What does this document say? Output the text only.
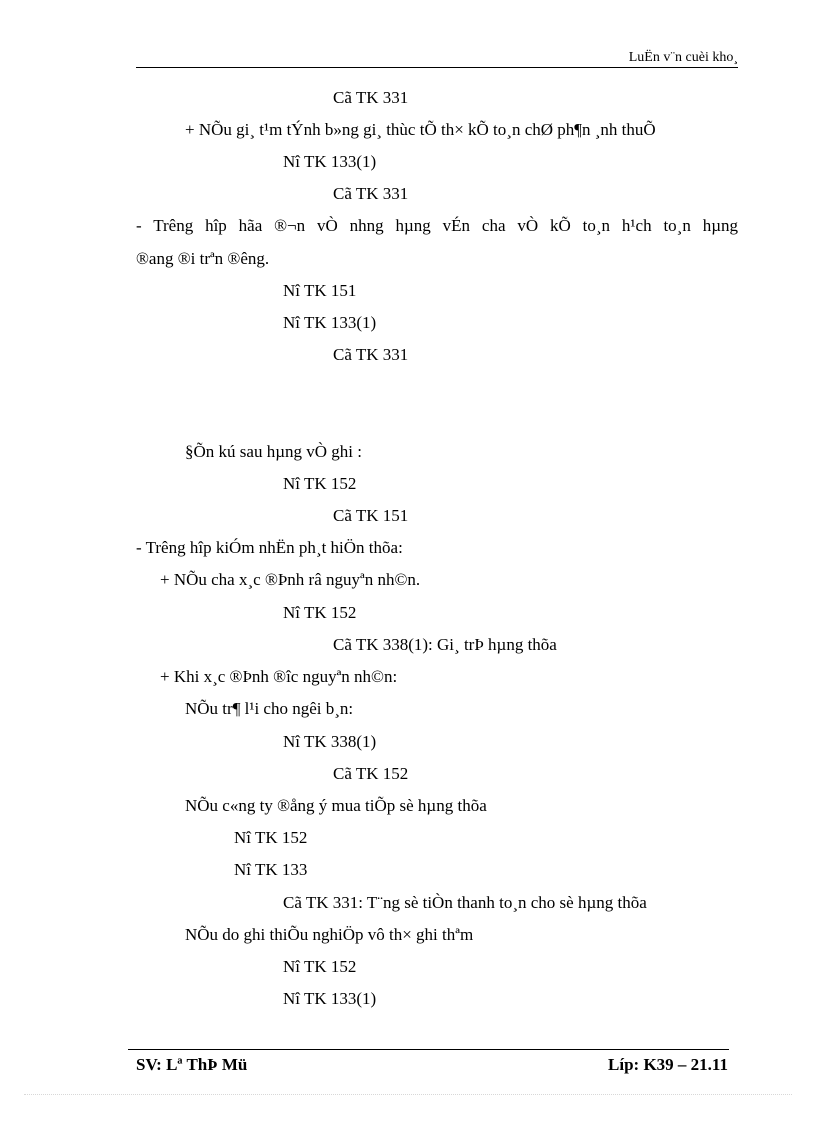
LuËn v¨n cuèi kho¸
Cã TK 331
+ NÕu gi¸ t¹m tÝnh b»ng gi¸ thùc tÕ th× kÕ to¸n chØ ph¶n ¸nh thuÕ
Nî TK 133(1)
Cã TK 331
- Trêng hîp hãa ®¬n vÒ nhng hµng vÉn cha vÒ kÕ to¸n h¹ch to¸n hµng
®ang ®i trªn ®êng.
Nî TK 151
Nî TK 133(1)
Cã TK 331
§Õn kú sau hµng vÒ ghi :
Nî TK 152
Cã TK 151
- Trêng hîp kiÓm nhËn ph¸t hiÖn thõa:
+ NÕu cha x¸c ®Þnh râ nguyªn nh©n.
Nî TK 152
Cã TK 338(1): Gi¸ trÞ hµng thõa
+ Khi x¸c ®Þnh ®îc nguyªn nh©n:
NÕu tr¶ l¹i cho ngêi b¸n:
Nî TK 338(1)
Cã TK 152
NÕu c«ng ty ®ång ý mua tiÕp sè hµng thõa
Nî TK 152
Nî TK 133
Cã TK 331: T¨ng sè tiÒn thanh to¸n cho sè hµng thõa
NÕu do ghi thiÕu nghiÖp vô th× ghi thªm
Nî TK 152
Nî TK 133(1)
SV: Lª ThÞ Mü	Líp: K39 – 21.11
